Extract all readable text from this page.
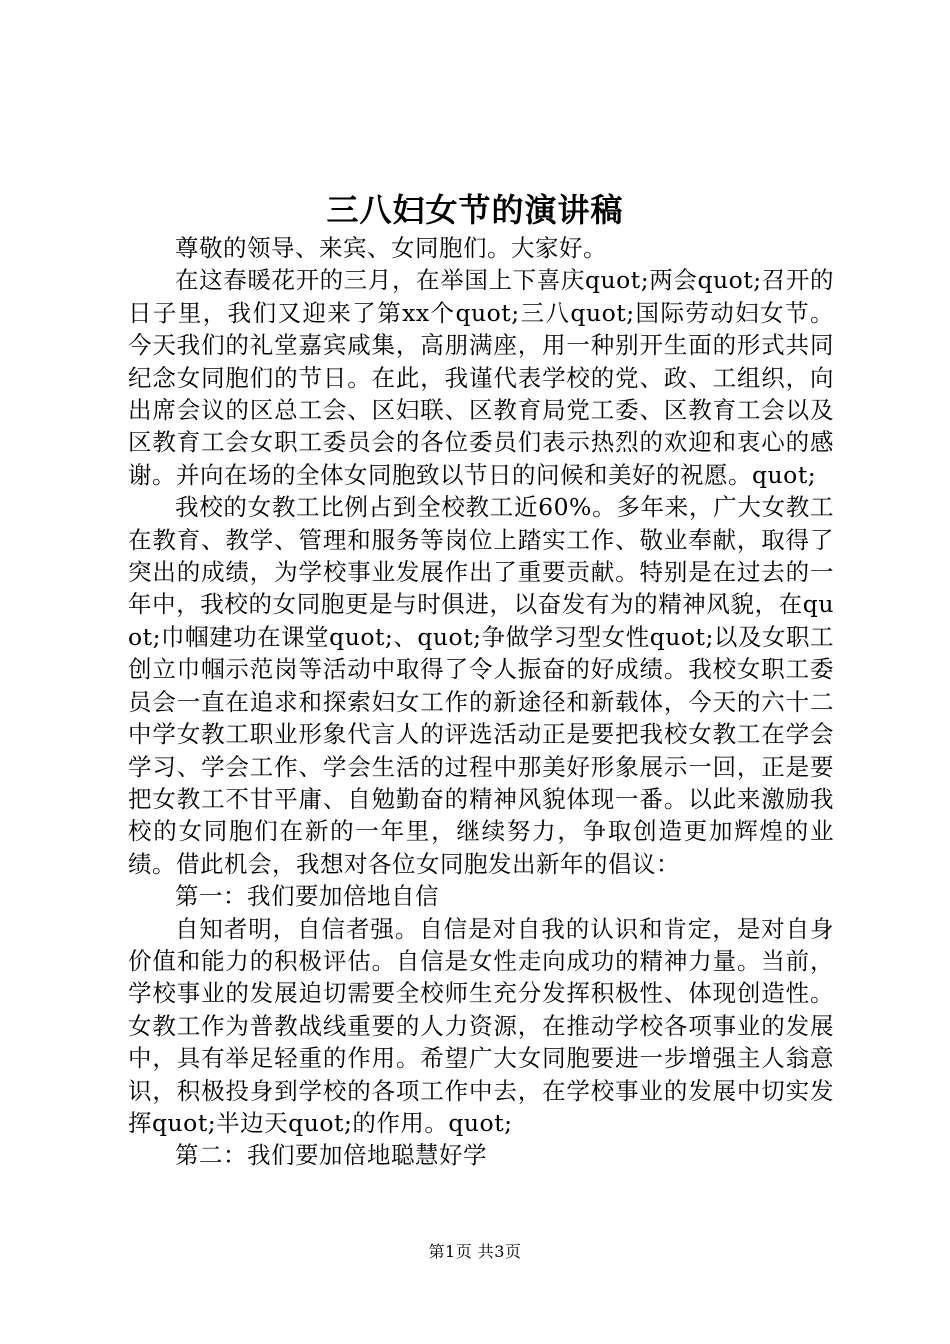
三八妇女节的演讲稿

尊敬的领导、来宾、女同胞们。大家好。

在这春暖花开的三月，在举国上下喜庆quot;两会quot;召开的日子里，我们又迎来了第xx个quot;三八quot;国际劳动妇女节。今天我们的礼堂嘉宾咸集，高朋满座，用一种别开生面的形式共同纪念女同胞们的节日。在此，我谨代表学校的党、政、工组织，向出席会议的区总工会、区妇联、区教育局党工委、区教育工会以及区教育工会女职工委员会的各位委员们表示热烈的欢迎和衷心的感谢。并向在场的全体女同胞致以节日的问候和美好的祝愿。quot;

我校的女教工比例占到全校教工近60%。多年来，广大女教工在教育、教学、管理和服务等岗位上踏实工作、敬业奉献，取得了突出的成绩，为学校事业发展作出了重要贡献。特别是在过去的一年中，我校的女同胞更是与时俱进，以奋发有为的精神风貌，在quot;巾帼建功在课堂quot;、quot;争做学习型女性quot;以及女职工创立巾帼示范岗等活动中取得了令人振奋的好成绩。我校女职工委员会一直在追求和探索妇女工作的新途径和新载体，今天的六十二中学女教工职业形象代言人的评选活动正是要把我校女教工在学会学习、学会工作、学会生活的过程中那美好形象展示一回，正是要把女教工不甘平庸、自勉勤奋的精神风貌体现一番。以此来激励我校的女同胞们在新的一年里，继续努力，争取创造更加辉煌的业绩。借此机会，我想对各位女同胞发出新年的倡议：

第一：我们要加倍地自信

自知者明，自信者强。自信是对自我的认识和肯定，是对自身价值和能力的积极评估。自信是女性走向成功的精神力量。当前，学校事业的发展迫切需要全校师生充分发挥积极性、体现创造性。女教工作为普教战线重要的人力资源，在推动学校各项事业的发展中，具有举足轻重的作用。希望广大女同胞要进一步增强主人翁意识，积极投身到学校的各项工作中去，在学校事业的发展中切实发挥quot;半边天quot;的作用。quot;

第二：我们要加倍地聪慧好学

第1页 共3页
